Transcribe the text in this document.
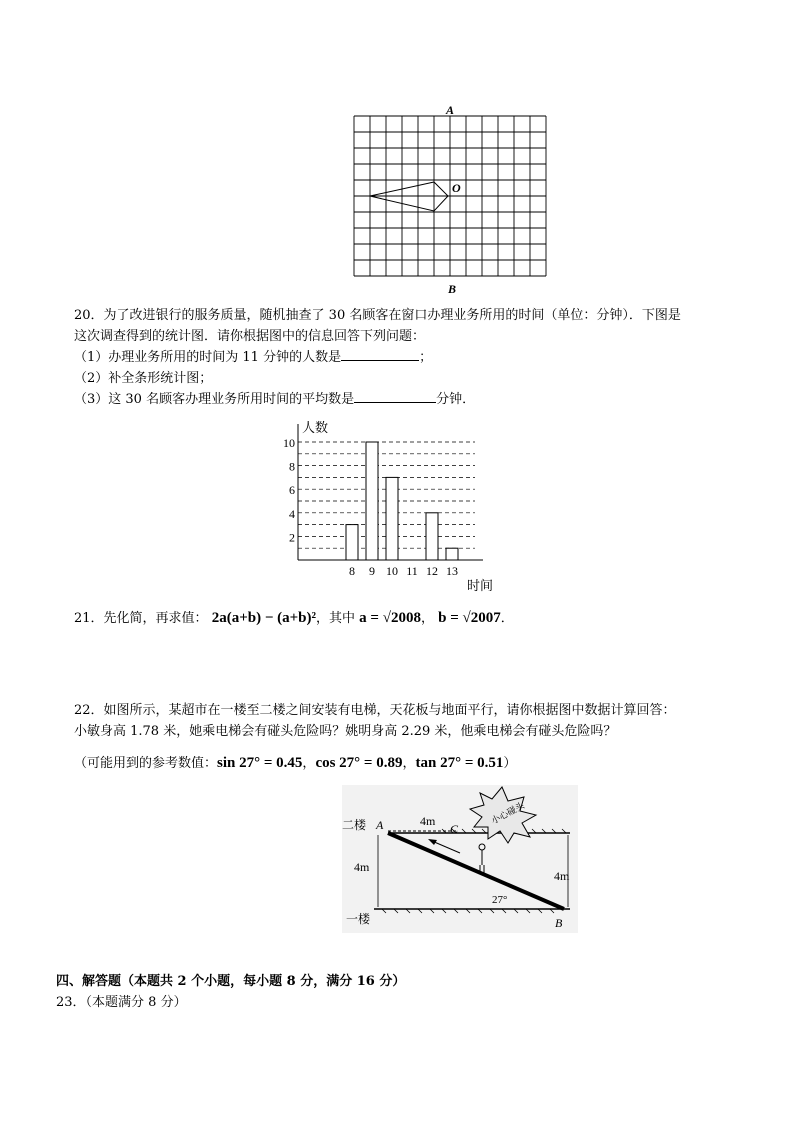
A
O
B
20．为了改进银行的服务质量，随机抽查了 30 名顾客在窗口办理业务所用的时间（单位：分钟）．下图是
这次调查得到的统计图．请你根据图中的信息回答下列问题：
（1）办理业务所用的时间为 11 分钟的人数是	；
（2）补全条形统计图；
（3）这 30 名顾客办理业务所用时间的平均数是	分钟．
2
4
6
8
10
8 9 10 11 12 13
人数
时间
21．先化简，再求值： 2a(a+b) − (a+b)²，其中 a = √2008， b = √2007．
22．如图所示，某超市在一楼至二楼之间安装有电梯，天花板与地面平行，请你根据图中数据计算回答：
小敏身高 1.78 米，她乘电梯会有碰头危险吗？姚明身高 2.29 米，他乘电梯会有碰头危险吗？
（可能用到的参考数值：sin 27° = 0.45，cos 27° = 0.89，tan 27° = 0.51）
小心碰头
二楼 A	4m
C
4m
4m
27°
一楼	B
四、解答题（本题共 2 个小题，每小题 8 分，满分 16 分）
23．（本题满分 8 分）
